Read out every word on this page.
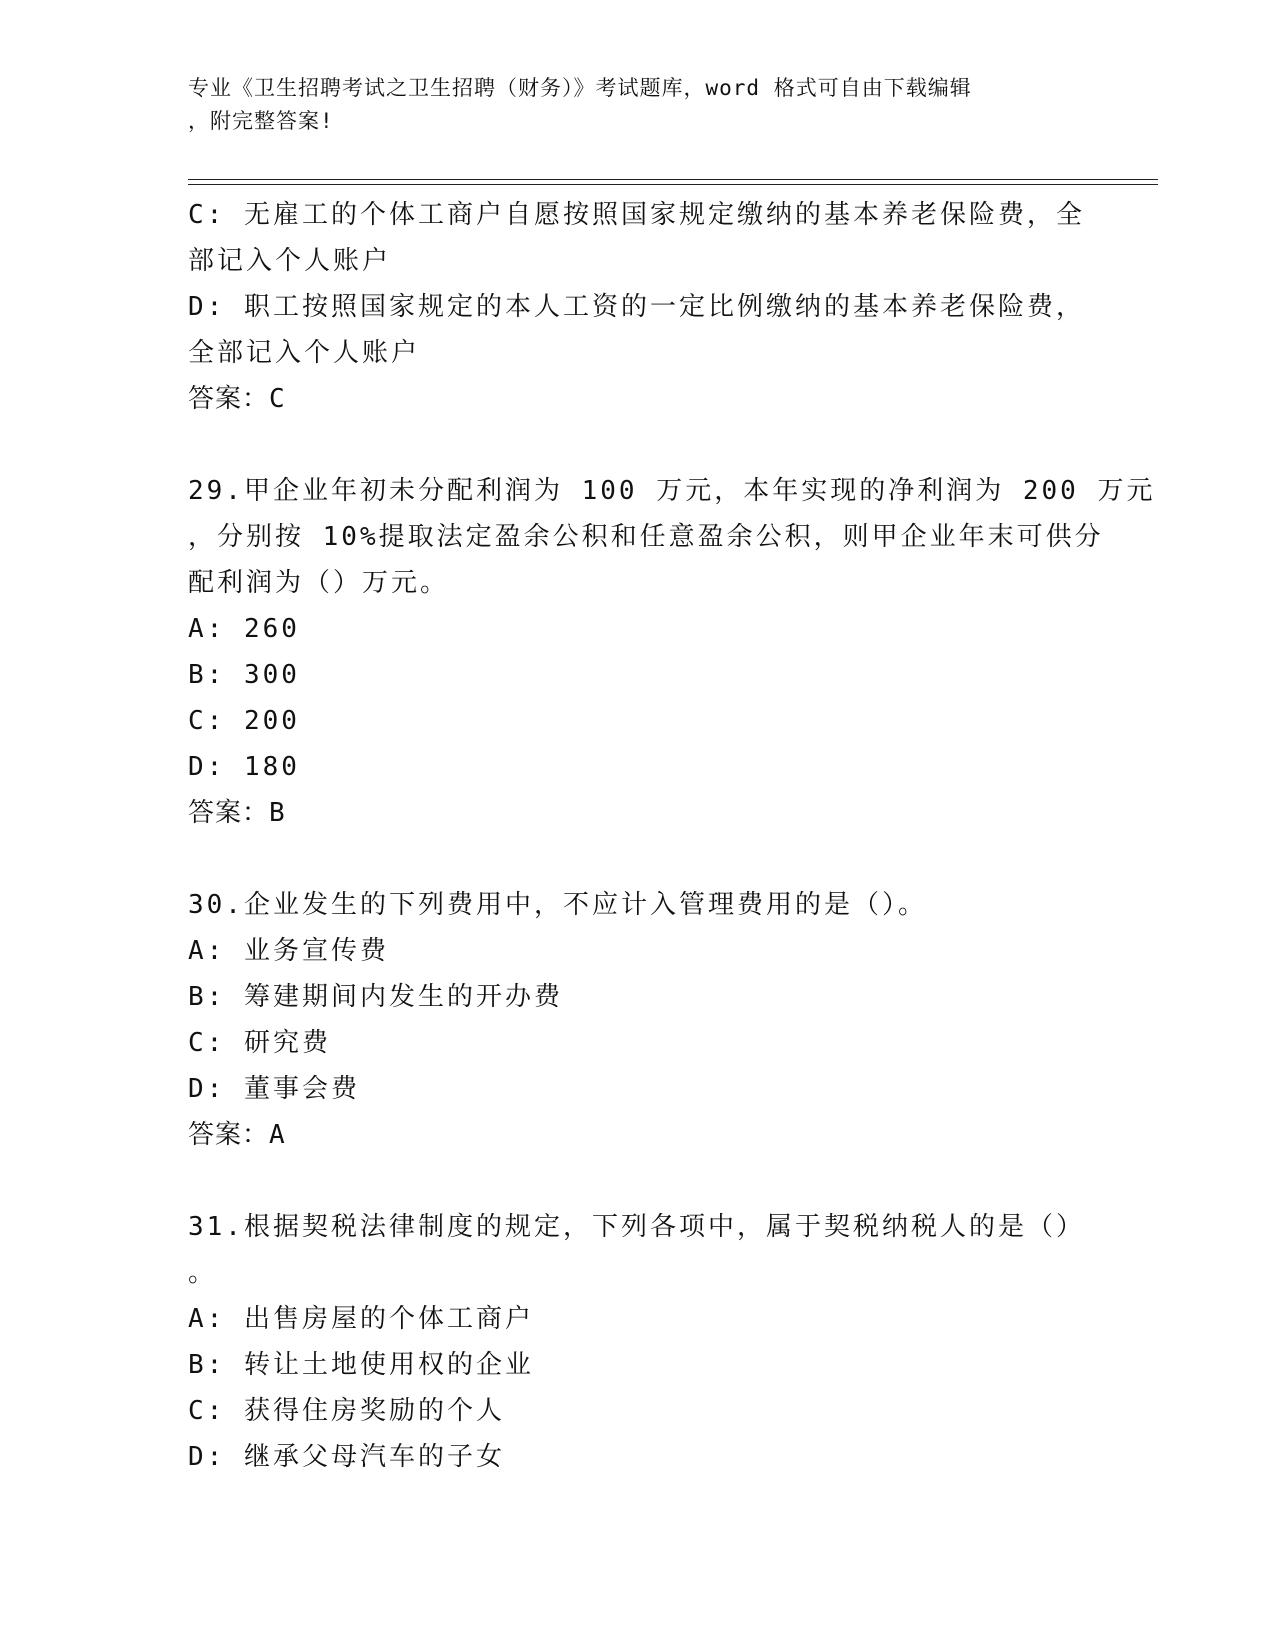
专业《卫生招聘考试之卫生招聘（财务）》考试题库，word 格式可自由下载编辑
，附完整答案!
C: 无雇工的个体工商户自愿按照国家规定缴纳的基本养老保险费，全
部记入个人账户
D: 职工按照国家规定的本人工资的一定比例缴纳的基本养老保险费，
全部记入个人账户
答案：C
29.甲企业年初未分配利润为 100 万元，本年实现的净利润为 200 万元
，分别按 10%提取法定盈余公积和任意盈余公积，则甲企业年末可供分
配利润为（）万元。
A: 260
B: 300
C: 200
D: 180
答案：B
30.企业发生的下列费用中，不应计入管理费用的是（）。
A: 业务宣传费
B: 筹建期间内发生的开办费
C: 研究费
D: 董事会费
答案：A
31.根据契税法律制度的规定，下列各项中，属于契税纳税人的是（）
。
A: 出售房屋的个体工商户
B: 转让土地使用权的企业
C: 获得住房奖励的个人
D: 继承父母汽车的子女
